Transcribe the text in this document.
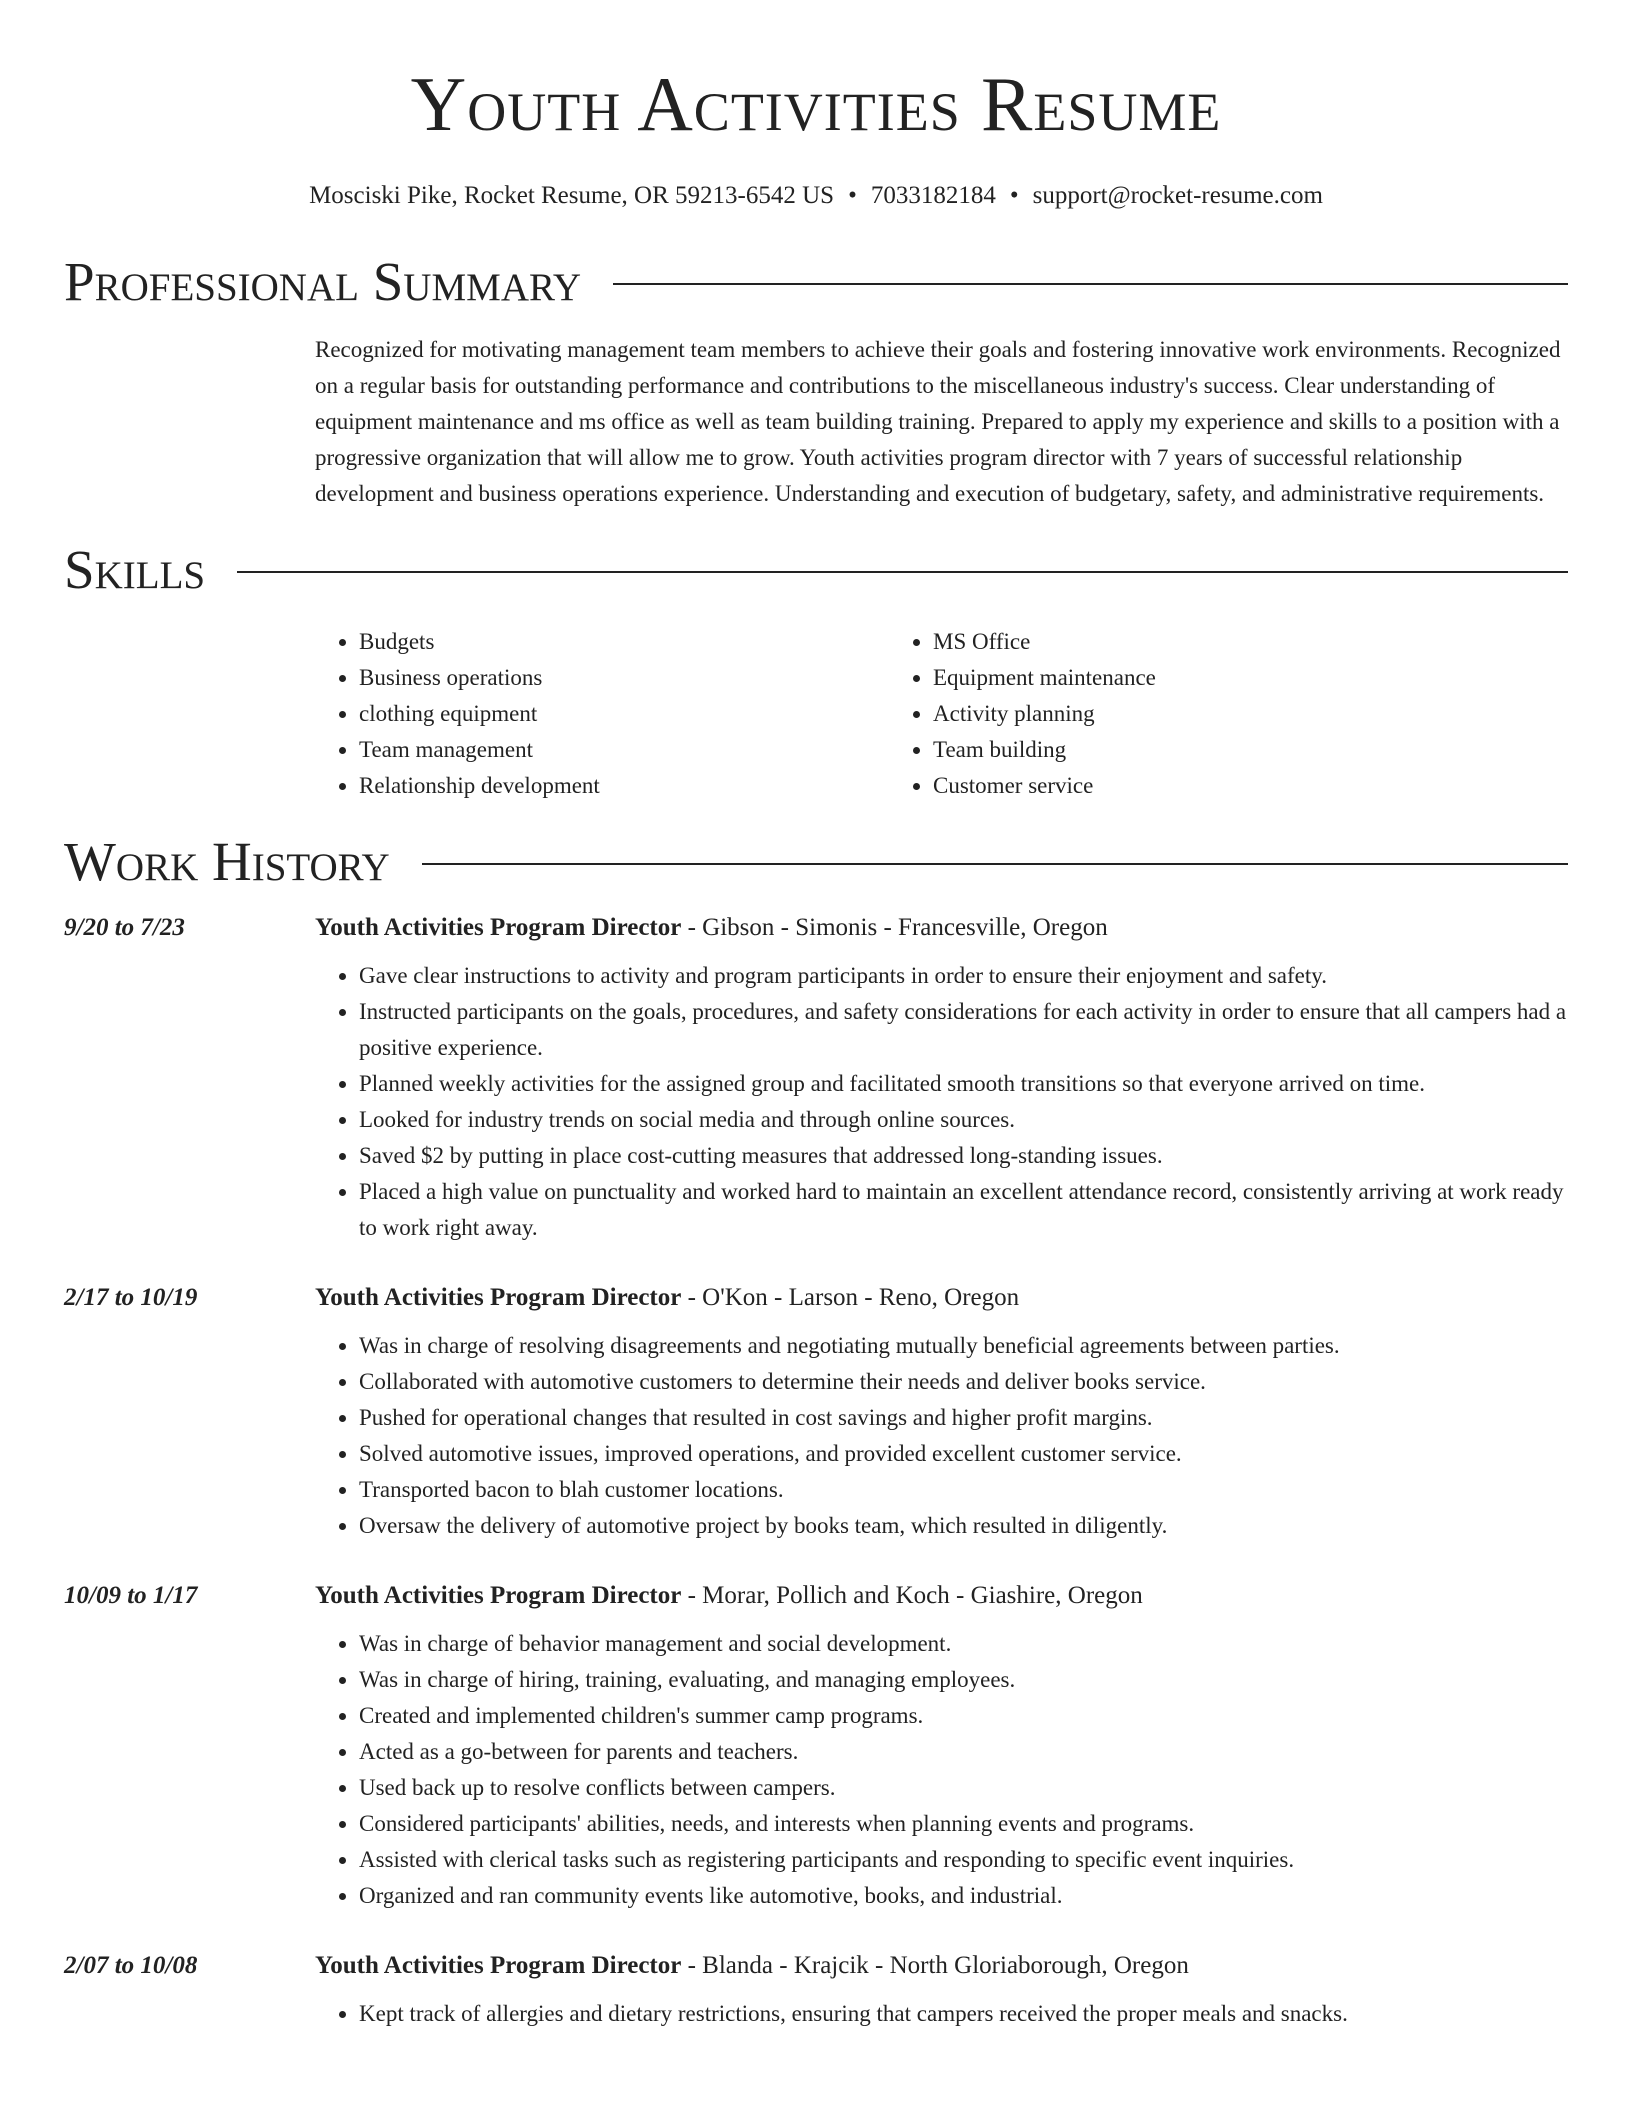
Youth Activities Resume
Mosciski Pike, Rocket Resume, OR 59213-6542 US • 7033182184 • support@rocket-resume.com
Professional Summary
Recognized for motivating management team members to achieve their goals and fostering innovative work environments. Recognized on a regular basis for outstanding performance and contributions to the miscellaneous industry's success. Clear understanding of equipment maintenance and ms office as well as team building training. Prepared to apply my experience and skills to a position with a progressive organization that will allow me to grow. Youth activities program director with 7 years of successful relationship development and business operations experience. Understanding and execution of budgetary, safety, and administrative requirements.
Skills
• Budgets
• Business operations
• clothing equipment
• Team management
• Relationship development
• MS Office
• Equipment maintenance
• Activity planning
• Team building
• Customer service
Work History
9/20 to 7/23	Youth Activities Program Director - Gibson - Simonis - Francesville, Oregon
• Gave clear instructions to activity and program participants in order to ensure their enjoyment and safety.
• Instructed participants on the goals, procedures, and safety considerations for each activity in order to ensure that all campers had a positive experience.
• Planned weekly activities for the assigned group and facilitated smooth transitions so that everyone arrived on time.
• Looked for industry trends on social media and through online sources.
• Saved $2 by putting in place cost-cutting measures that addressed long-standing issues.
• Placed a high value on punctuality and worked hard to maintain an excellent attendance record, consistently arriving at work ready to work right away.
2/17 to 10/19	Youth Activities Program Director - O'Kon - Larson - Reno, Oregon
• Was in charge of resolving disagreements and negotiating mutually beneficial agreements between parties.
• Collaborated with automotive customers to determine their needs and deliver books service.
• Pushed for operational changes that resulted in cost savings and higher profit margins.
• Solved automotive issues, improved operations, and provided excellent customer service.
• Transported bacon to blah customer locations.
• Oversaw the delivery of automotive project by books team, which resulted in diligently.
10/09 to 1/17	Youth Activities Program Director - Morar, Pollich and Koch - Giashire, Oregon
• Was in charge of behavior management and social development.
• Was in charge of hiring, training, evaluating, and managing employees.
• Created and implemented children's summer camp programs.
• Acted as a go-between for parents and teachers.
• Used back up to resolve conflicts between campers.
• Considered participants' abilities, needs, and interests when planning events and programs.
• Assisted with clerical tasks such as registering participants and responding to specific event inquiries.
• Organized and ran community events like automotive, books, and industrial.
2/07 to 10/08	Youth Activities Program Director - Blanda - Krajcik - North Gloriaborough, Oregon
• Kept track of allergies and dietary restrictions, ensuring that campers received the proper meals and snacks.
